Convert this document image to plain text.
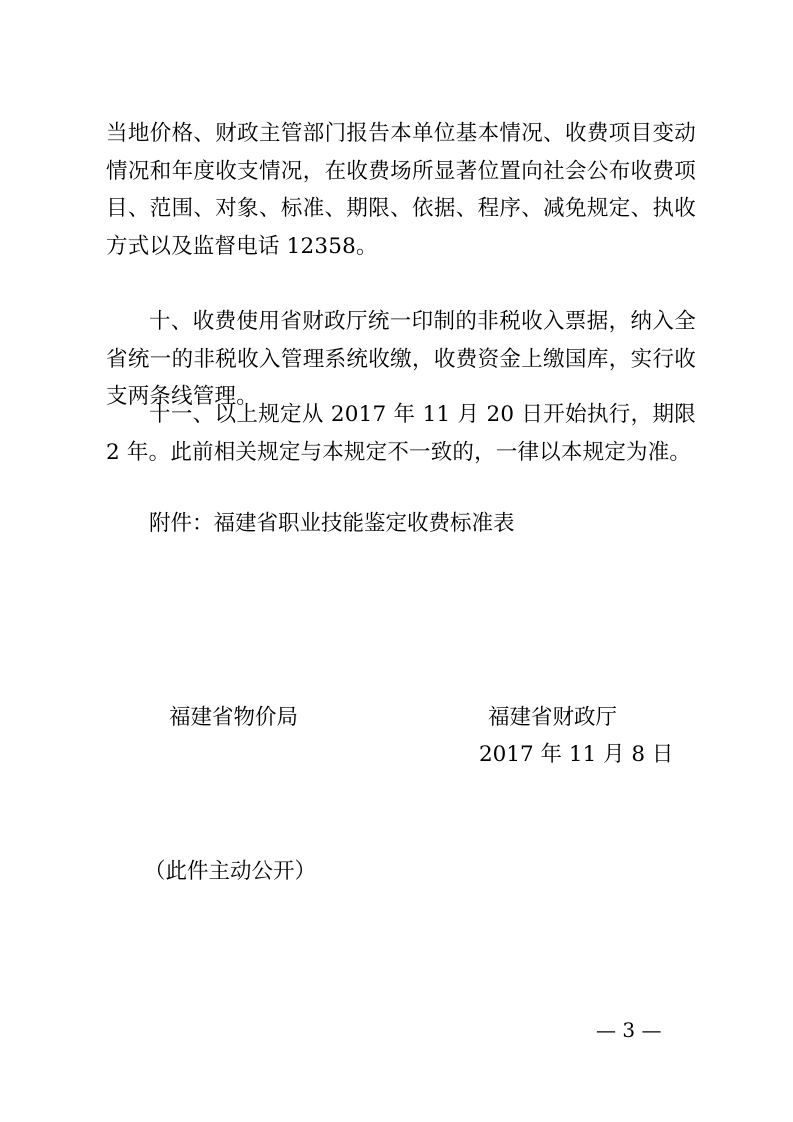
当地价格、财政主管部门报告本单位基本情况、收费项目变动情况和年度收支情况，在收费场所显著位置向社会公布收费项目、范围、对象、标准、期限、依据、程序、减免规定、执收方式以及监督电话 12358。

十、收费使用省财政厅统一印制的非税收入票据，纳入全省统一的非税收入管理系统收缴，收费资金上缴国库，实行收支两条线管理。

十一、以上规定从 2017 年 11 月 20 日开始执行，期限 2 年。此前相关规定与本规定不一致的，一律以本规定为准。

附件：福建省职业技能鉴定收费标准表

福建省物价局	福建省财政厅

2017 年 11 月 8 日

（此件主动公开）

— 3 —
